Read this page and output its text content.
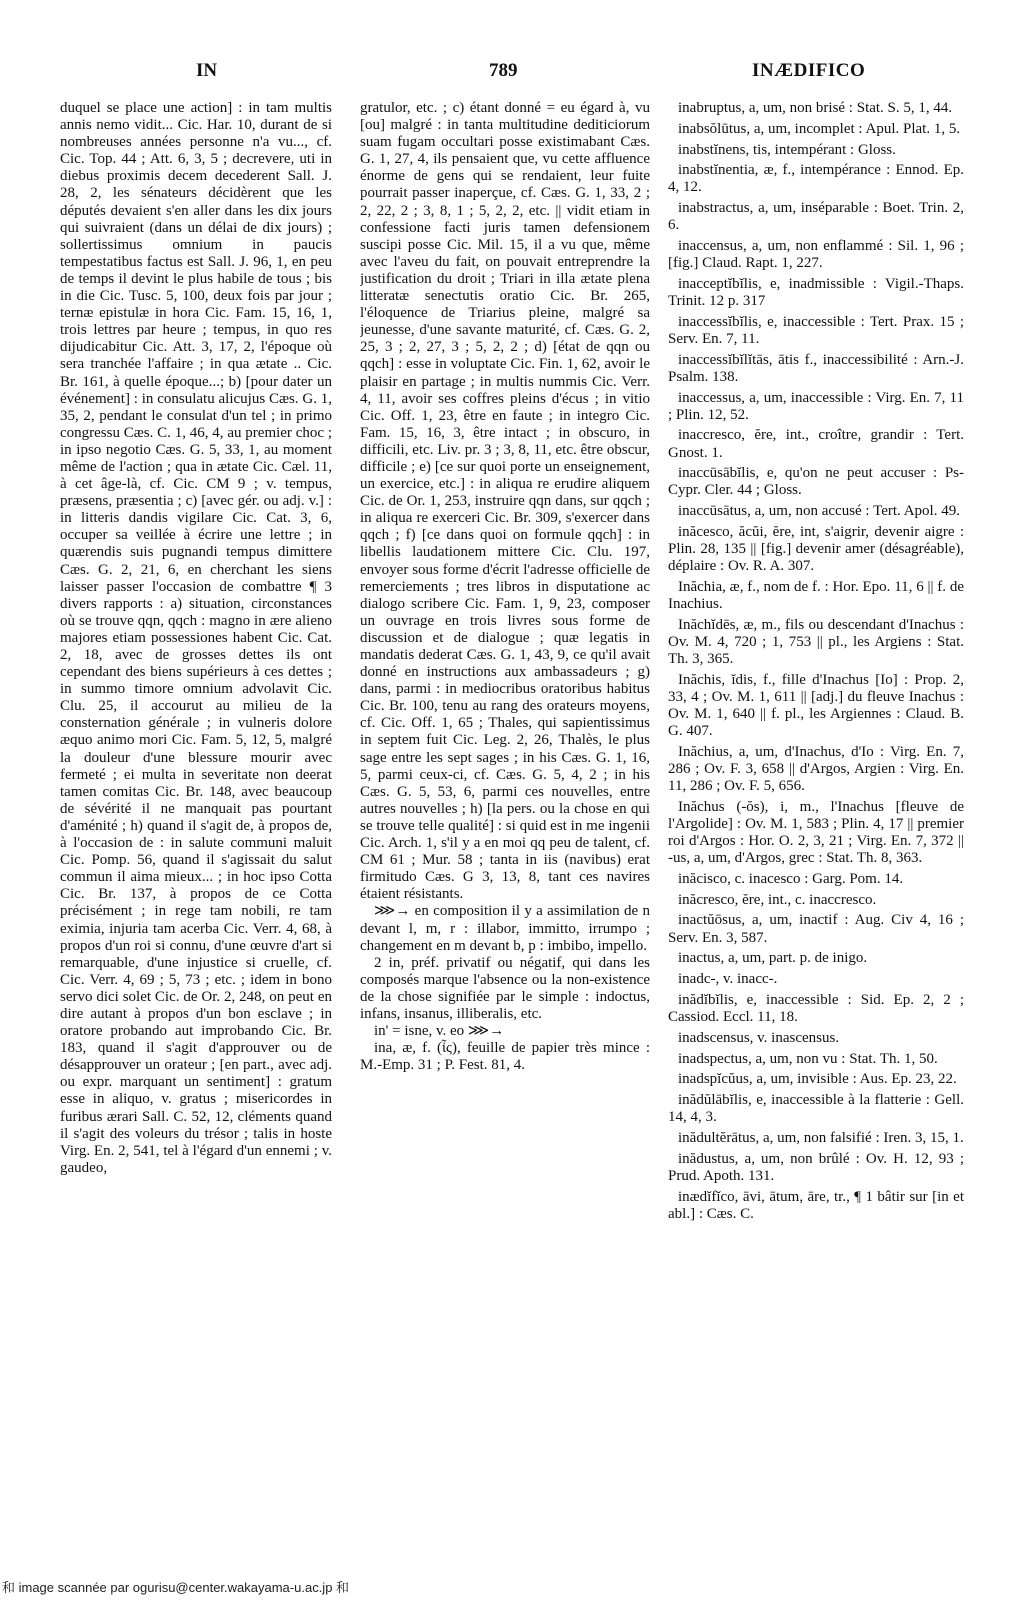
IN	789	INÆDIFICO

duquel se place une action] : in tam multis annis nemo vidit... Cic. Har. 10, durant de si nombreuses années personne n'a vu..., cf. Cic. Top. 44 ; Att. 6, 3, 5 ; decrevere, uti in diebus proximis decem decederent Sall. J. 28, 2, les sénateurs décidèrent que les députés devaient s'en aller dans les dix jours qui suivraient (dans un délai de dix jours) ; sollertissimus omnium in paucis tempestatibus factus est Sall. J. 96, 1, en peu de temps il devint le plus habile de tous ; bis in die Cic. Tusc. 5, 100, deux fois par jour ; ternæ epistulæ in hora Cic. Fam. 15, 16, 1, trois lettres par heure ; tempus, in quo res dijudicabitur Cic. Att. 3, 17, 2, l'époque où sera tranchée l'affaire ; in qua ætate .. Cic. Br. 161, à quelle époque...; b) [pour dater un événement] : in consulatu alicujus Cæs. G. 1, 35, 2, pendant le consulat d'un tel ; in primo congressu Cæs. C. 1, 46, 4, au premier choc ; in ipso negotio Cæs. G. 5, 33, 1, au moment même de l'action ; qua in ætate Cic. Cæl. 11, à cet âge-là, cf. Cic. CM 9 ; v. tempus, præsens, præsentia ; c) [avec gér. ou adj. v.] : in litteris dandis vigilare Cic. Cat. 3, 6, occuper sa veillée à écrire une lettre ; in quærendis suis pugnandi tempus dimittere Cæs. G. 2, 21, 6, en cherchant les siens laisser passer l'occasion de combattre ¶ 3 divers rapports : a) situation, circonstances où se trouve qqn, qqch : magno in ære alieno majores etiam possessiones habent Cic. Cat. 2, 18, avec de grosses dettes ils ont cependant des biens supérieurs à ces dettes ; in summo timore omnium advolavit Cic. Clu. 25, il accourut au milieu de la consternation générale ; in vulneris dolore æquo animo mori Cic. Fam. 5, 12, 5, malgré la douleur d'une blessure mourir avec fermeté ; ei multa in severitate non deerat tamen comitas Cic. Br. 148, avec beaucoup de sévérité il ne manquait pas pourtant d'aménité ; h) quand il s'agit de, à propos de, à l'occasion de : in salute communi maluit Cic. Pomp. 56, quand il s'agissait du salut commun il aima mieux... ; in hoc ipso Cotta Cic. Br. 137, à propos de ce Cotta précisément ; in rege tam nobili, re tam eximia, injuria tam acerba Cic. Verr. 4, 68, à propos d'un roi si connu, d'une œuvre d'art si remarquable, d'une injustice si cruelle, cf. Cic. Verr. 4, 69 ; 5, 73 ; etc. ; idem in bono servo dici solet Cic. de Or. 2, 248, on peut en dire autant à propos d'un bon esclave ; in oratore probando aut improbando Cic. Br. 183, quand il s'agit d'approuver ou de désapprouver un orateur ; [en part., avec adj. ou expr. marquant un sentiment] : gratum esse in aliquo, v. gratus ; misericordes in furibus ærari Sall. C. 52, 12, cléments quand il s'agit des voleurs du trésor ; talis in hoste Virg. En. 2, 541, tel à l'égard d'un ennemi ; v. gaudeo,

gratulor, etc. ; c) étant donné = eu égard à, vu [ou] malgré : in tanta multitudine dediticiorum suam fugam occultari posse existimabant Cæs. G. 1, 27, 4, ils pensaient que, vu cette affluence énorme de gens qui se rendaient, leur fuite pourrait passer inaperçue, cf. Cæs. G. 1, 33, 2 ; 2, 22, 2 ; 3, 8, 1 ; 5, 2, 2, etc. || vidit etiam in confessione facti juris tamen defensionem suscipi posse Cic. Mil. 15, il a vu que, même avec l'aveu du fait, on pouvait entreprendre la justification du droit ; Triari in illa ætate plena litteratæ senectutis oratio Cic. Br. 265, l'éloquence de Triarius pleine, malgré sa jeunesse, d'une savante maturité, cf. Cæs. G. 2, 25, 3 ; 2, 27, 3 ; 5, 2, 2 ; d) [état de qqn ou qqch] : esse in voluptate Cic. Fin. 1, 62, avoir le plaisir en partage ; in multis nummis Cic. Verr. 4, 11, avoir ses coffres pleins d'écus ; in vitio Cic. Off. 1, 23, être en faute ; in integro Cic. Fam. 15, 16, 3, être intact ; in obscuro, in difficili, etc. Liv. pr. 3 ; 3, 8, 11, etc. être obscur, difficile ; e) [ce sur quoi porte un enseignement, un exercice, etc.] : in aliqua re erudire aliquem Cic. de Or. 1, 253, instruire qqn dans, sur qqch ; in aliqua re exerceri Cic. Br. 309, s'exercer dans qqch ; f) [ce dans quoi on formule qqch] : in libellis laudationem mittere Cic. Clu. 197, envoyer sous forme d'écrit l'adresse officielle de remerciements ; tres libros in disputatione ac dialogo scribere Cic. Fam. 1, 9, 23, composer un ouvrage en trois livres sous forme de discussion et de dialogue ; quæ legatis in mandatis dederat Cæs. G. 1, 43, 9, ce qu'il avait donné en instructions aux ambassadeurs ; g) dans, parmi : in mediocribus oratoribus habitus Cic. Br. 100, tenu au rang des orateurs moyens, cf. Cic. Off. 1, 65 ; Thales, qui sapientissimus in septem fuit Cic. Leg. 2, 26, Thalès, le plus sage entre les sept sages ; in his Cæs. G. 1, 16, 5, parmi ceux-ci, cf. Cæs. G. 5, 4, 2 ; in his Cæs. G. 5, 53, 6, parmi ces nouvelles, entre autres nouvelles ; h) [la pers. ou la chose en qui se trouve telle qualité] : si quid est in me ingenii Cic. Arch. 1, s'il y a en moi qq peu de talent, cf. CM 61 ; Mur. 58 ; tanta in iis (navibus) erat firmitudo Cæs. G 3, 13, 8, tant ces navires étaient résistants.

⋙→ en composition il y a assimilation de n devant l, m, r : illabor, immitto, irrumpo ; changement en m devant b, p : imbibo, impello.

2 in, préf. privatif ou négatif, qui dans les composés marque l'absence ou la non-existence de la chose signifiée par le simple : indoctus, infans, insanus, illiberalis, etc.

in' = isne, v. eo ⋙→

ina, æ, f. (ἶς), feuille de papier très mince : M.-Emp. 31 ; P. Fest. 81, 4.

inabruptus, a, um, non brisé : Stat. S. 5, 1, 44.

inabsŏlūtus, a, um, incomplet : Apul. Plat. 1, 5.

inabstĭnens, tis, intempérant : Gloss.

inabstĭnentia, æ, f., intempérance : Ennod. Ep. 4, 12.

inabstractus, a, um, inséparable : Boet. Trin. 2, 6.

inaccensus, a, um, non enflammé : Sil. 1, 96 ; [fig.] Claud. Rapt. 1, 227.

inacceptĭbĭlis, e, inadmissible : Vigil.-Thaps. Trinit. 12 p. 317

inaccessĭbĭlis, e, inaccessible : Tert. Prax. 15 ; Serv. En. 7, 11.

inaccessĭbĭlĭtās, ātis f., inaccessibilité : Arn.-J. Psalm. 138.

inaccessus, a, um, inaccessible : Virg. En. 7, 11 ; Plin. 12, 52.

inaccresco, ĕre, int., croître, grandir : Tert. Gnost. 1.

inaccūsābĭlis, e, qu'on ne peut accuser : Ps-Cypr. Cler. 44 ; Gloss.

inaccūsātus, a, um, non accusé : Tert. Apol. 49.

inăcesco, ăcŭi, ĕre, int, s'aigrir, devenir aigre : Plin. 28, 135 || [fig.] devenir amer (désagréable), déplaire : Ov. R. A. 307.

Inăchia, æ, f., nom de f. : Hor. Epo. 11, 6 || f. de Inachius.

Inăchĭdēs, æ, m., fils ou descendant d'Inachus : Ov. M. 4, 720 ; 1, 753 || pl., les Argiens : Stat. Th. 3, 365.

Inăchis, ĭdis, f., fille d'Inachus [Io] : Prop. 2, 33, 4 ; Ov. M. 1, 611 || [adj.] du fleuve Inachus : Ov. M. 1, 640 || f. pl., les Argiennes : Claud. B. G. 407.

Inăchius, a, um, d'Inachus, d'Io : Virg. En. 7, 286 ; Ov. F. 3, 658 || d'Argos, Argien : Virg. En. 11, 286 ; Ov. F. 5, 656.

Inăchus (-ŏs), i, m., l'Inachus [fleuve de l'Argolide] : Ov. M. 1, 583 ; Plin. 4, 17 || premier roi d'Argos : Hor. O. 2, 3, 21 ; Virg. En. 7, 372 || -us, a, um, d'Argos, grec : Stat. Th. 8, 363.

inăcisco, c. inacesco : Garg. Pom. 14.

inăcresco, ĕre, int., c. inaccresco.

inactŭōsus, a, um, inactif : Aug. Civ 4, 16 ; Serv. En. 3, 587.

inactus, a, um, part. p. de inigo.

inadc-, v. inacc-.

inădĭbĭlis, e, inaccessible : Sid. Ep. 2, 2 ; Cassiod. Eccl. 11, 18.

inadscensus, v. inascensus.

inadspectus, a, um, non vu : Stat. Th. 1, 50.

inadspĭcŭus, a, um, invisible : Aus. Ep. 23, 22.

inădŭlābĭlis, e, inaccessible à la flatterie : Gell. 14, 4, 3.

inădultĕrātus, a, um, non falsifié : Iren. 3, 15, 1.

inădustus, a, um, non brûlé : Ov. H. 12, 93 ; Prud. Apoth. 131.

inædĭfĭco, āvi, ātum, āre, tr., ¶ 1 bâtir sur [in et abl.] : Cæs. C.

和 image scannée par ogurisu@center.wakayama-u.ac.jp 和
